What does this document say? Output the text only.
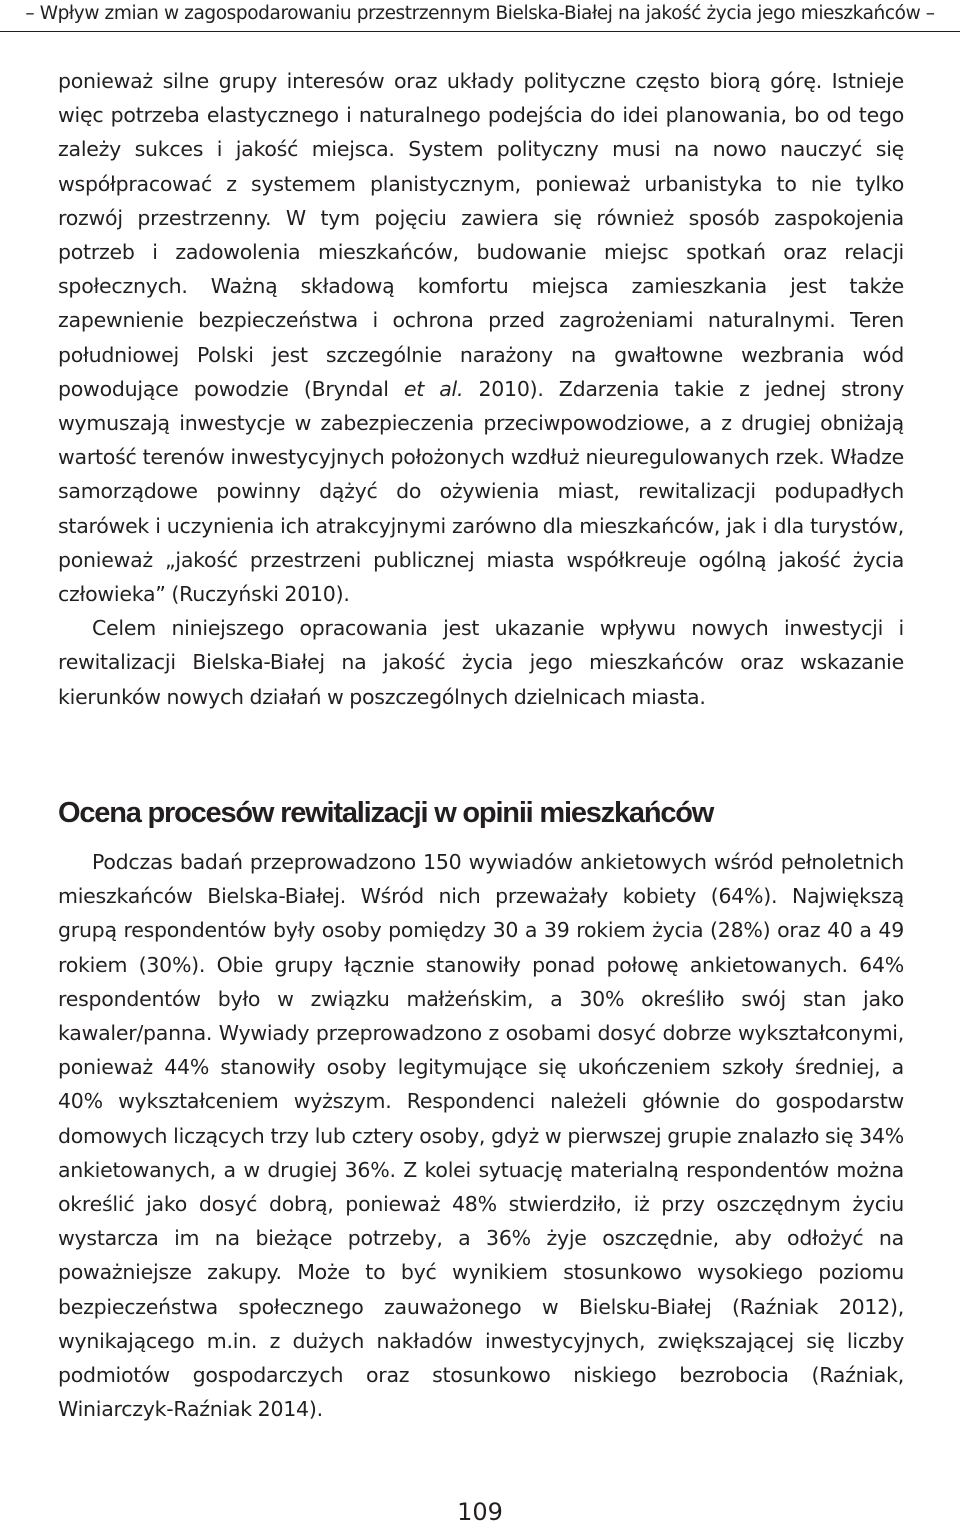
– Wpływ zmian w zagospodarowaniu przestrzennym Bielska-Białej na jakość życia jego mieszkańców –

ponieważ silne grupy interesów oraz układy polityczne często biorą górę. Istnieje więc potrzeba elastycznego i naturalnego podejścia do idei planowania, bo od tego zależy sukces i jakość miejsca. System polityczny musi na nowo nauczyć się współpracować z systemem planistycznym, ponieważ urbanistyka to nie tylko rozwój przestrzenny. W tym pojęciu zawiera się również sposób zaspokojenia potrzeb i zadowolenia mieszkańców, budowanie miejsc spotkań oraz relacji społecznych. Ważną składową komfortu miejsca zamieszkania jest także zapewnienie bezpieczeństwa i ochrona przed zagrożeniami naturalnymi. Teren południowej Polski jest szczególnie narażony na gwałtowne wezbrania wód powodujące powodzie (Bryndal et al. 2010). Zdarzenia takie z jednej strony wymuszają inwestycje w zabezpieczenia przeciwpowodziowe, a z drugiej obniżają wartość terenów inwestycyjnych położonych wzdłuż nieuregulowanych rzek. Władze samorządowe powinny dążyć do ożywienia miast, rewitalizacji podupadłych starówek i uczynienia ich atrakcyjnymi zarówno dla mieszkańców, jak i dla turystów, ponieważ „jakość przestrzeni publicznej miasta współkreuje ogólną jakość życia człowieka” (Ruczyński 2010).

Celem niniejszego opracowania jest ukazanie wpływu nowych inwestycji i rewitalizacji Bielska-Białej na jakość życia jego mieszkańców oraz wskazanie kierunków nowych działań w poszczególnych dzielnicach miasta.

Ocena procesów rewitalizacji w opinii mieszkańców

Podczas badań przeprowadzono 150 wywiadów ankietowych wśród pełnoletnich mieszkańców Bielska-Białej. Wśród nich przeważały kobiety (64%). Największą grupą respondentów były osoby pomiędzy 30 a 39 rokiem życia (28%) oraz 40 a 49 rokiem (30%). Obie grupy łącznie stanowiły ponad połowę ankietowanych. 64% respondentów było w związku małżeńskim, a 30% określiło swój stan jako kawaler/panna. Wywiady przeprowadzono z osobami dosyć dobrze wykształconymi, ponieważ 44% stanowiły osoby legitymujące się ukończeniem szkoły średniej, a 40% wykształceniem wyższym. Respondenci należeli głównie do gospodarstw domowych liczących trzy lub cztery osoby, gdyż w pierwszej grupie znalazło się 34% ankietowanych, a w drugiej 36%. Z kolei sytuację materialną respondentów można określić jako dosyć dobrą, ponieważ 48% stwierdziło, iż przy oszczędnym życiu wystarcza im na bieżące potrzeby, a 36% żyje oszczędnie, aby odłożyć na poważniejsze zakupy. Może to być wynikiem stosunkowo wysokiego poziomu bezpieczeństwa społecznego zauważonego w Bielsku-Białej (Raźniak 2012), wynikającego m.in. z dużych nakładów inwestycyjnych, zwiększającej się liczby podmiotów gospodarczych oraz stosunkowo niskiego bezrobocia (Raźniak, Winiarczyk-Raźniak 2014).

109
